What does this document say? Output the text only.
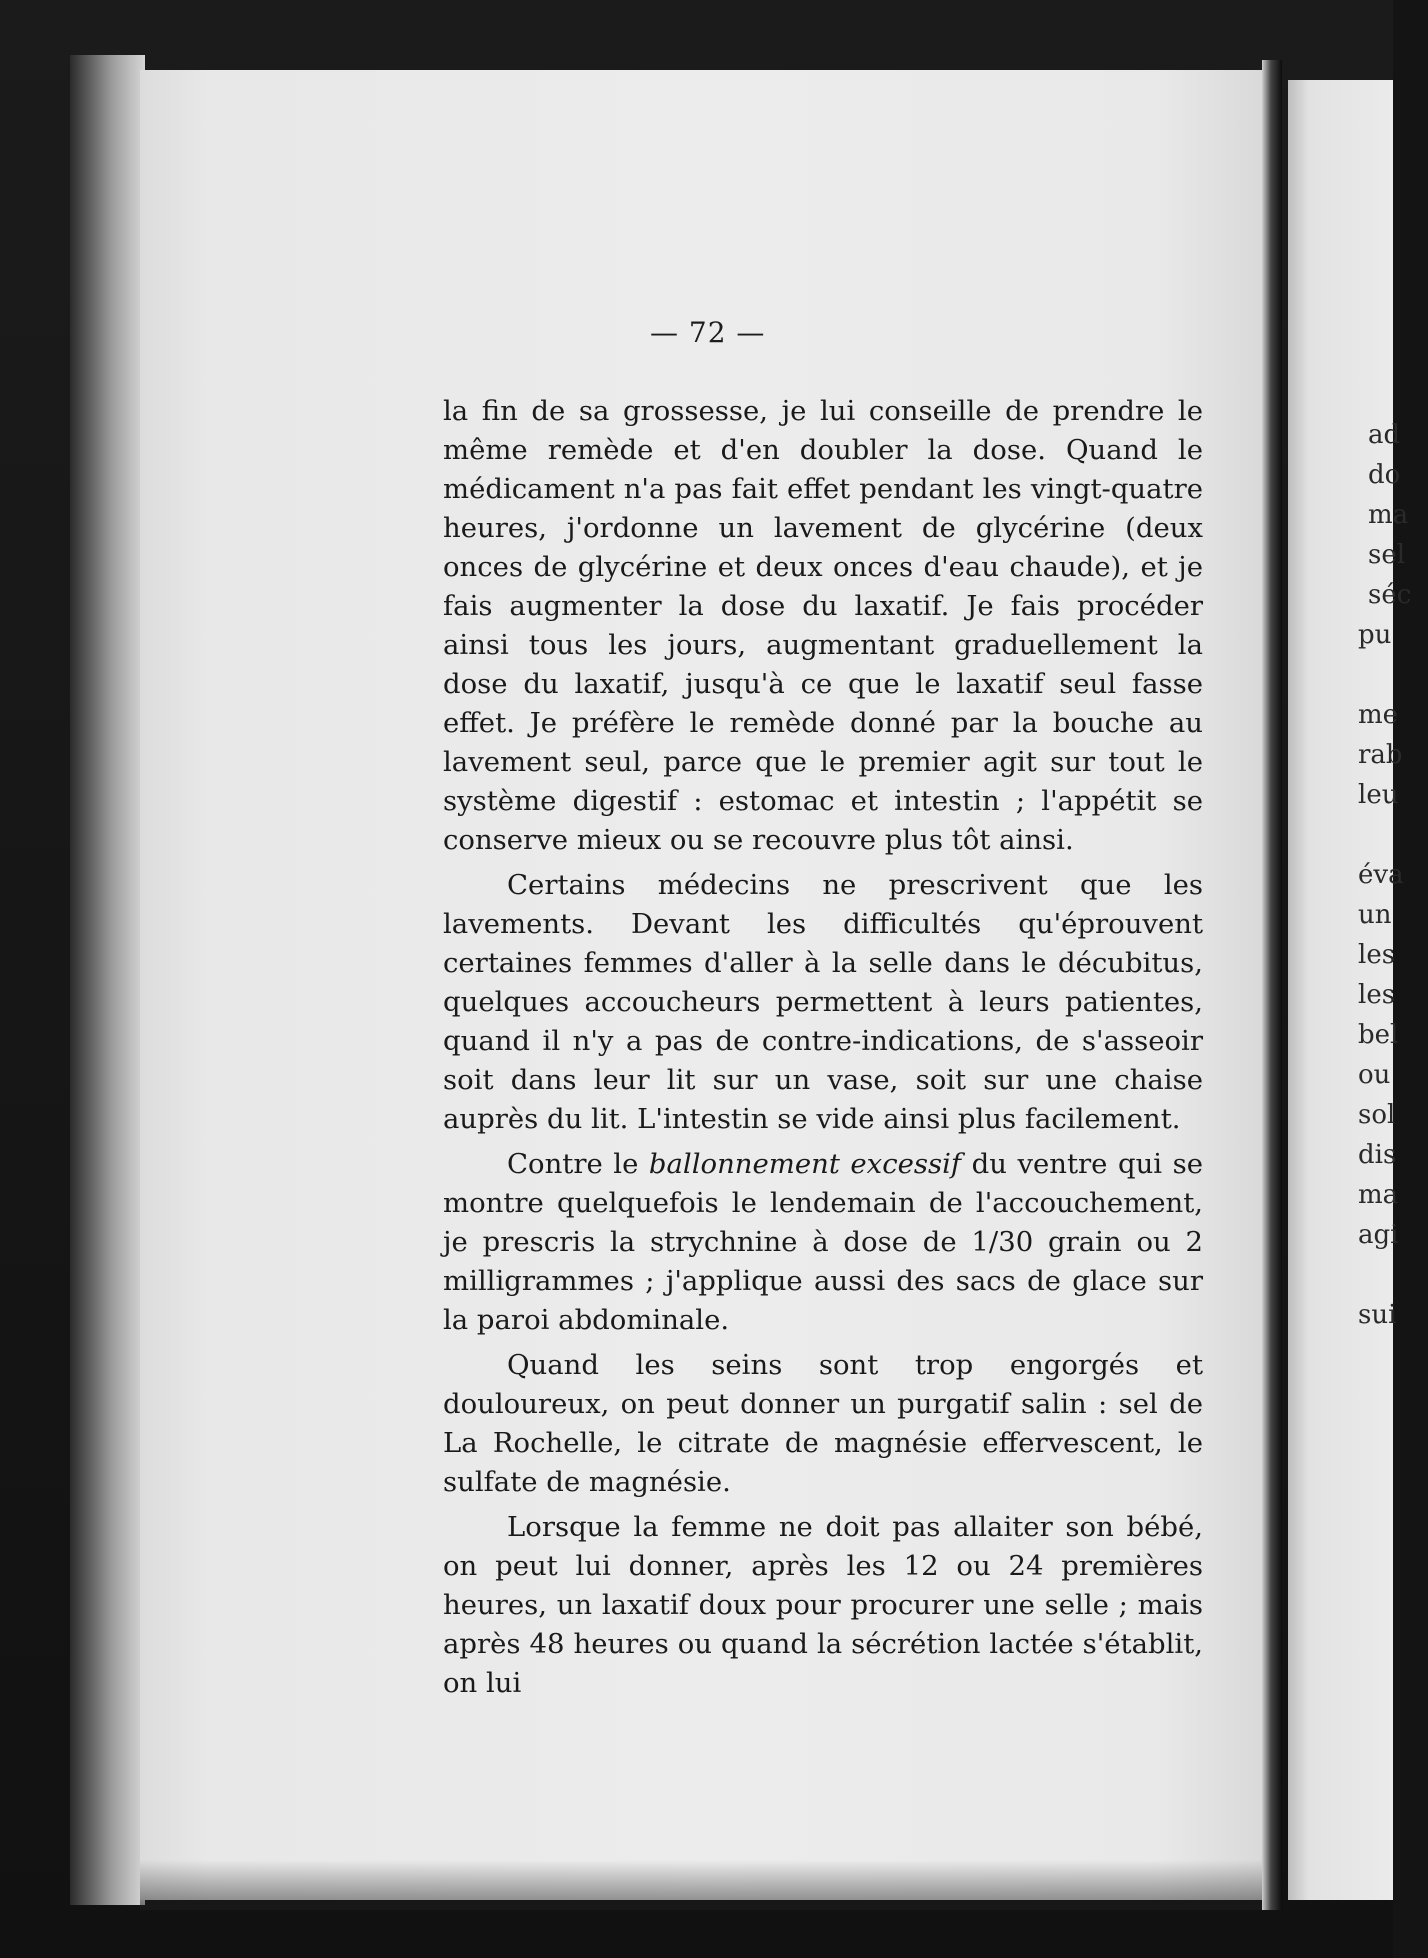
ad
do
ma
sel
séc
pu
me
rab
leu
éva
un
les
les
bel
ou
sol
dis
ma
agi
sui
— 72 —

la fin de sa grossesse, je lui conseille de prendre le même remède et d'en doubler la dose. Quand le médicament n'a pas fait effet pendant les vingt-quatre heures, j'ordonne un lavement de glycérine (deux onces de glycérine et deux onces d'eau chaude), et je fais augmenter la dose du laxatif. Je fais procéder ainsi tous les jours, augmentant graduellement la dose du laxatif, jusqu'à ce que le laxatif seul fasse effet. Je préfère le remède donné par la bouche au lavement seul, parce que le premier agit sur tout le système digestif : estomac et intestin ; l'appétit se conserve mieux ou se recouvre plus tôt ainsi.

Certains médecins ne prescrivent que les lavements. Devant les difficultés qu'éprouvent certaines femmes d'aller à la selle dans le décubitus, quelques accoucheurs permettent à leurs patientes, quand il n'y a pas de contre-indications, de s'asseoir soit dans leur lit sur un vase, soit sur une chaise auprès du lit. L'intestin se vide ainsi plus facilement.

Contre le ballonnement excessif du ventre qui se montre quelquefois le lendemain de l'accouchement, je prescris la strychnine à dose de 1/30 grain ou 2 milligrammes ; j'applique aussi des sacs de glace sur la paroi abdominale.

Quand les seins sont trop engorgés et douloureux, on peut donner un purgatif salin : sel de La Rochelle, le citrate de magnésie effervescent, le sulfate de magnésie.

Lorsque la femme ne doit pas allaiter son bébé, on peut lui donner, après les 12 ou 24 premières heures, un laxatif doux pour procurer une selle ; mais après 48 heures ou quand la sécrétion lactée s'établit, on lui
